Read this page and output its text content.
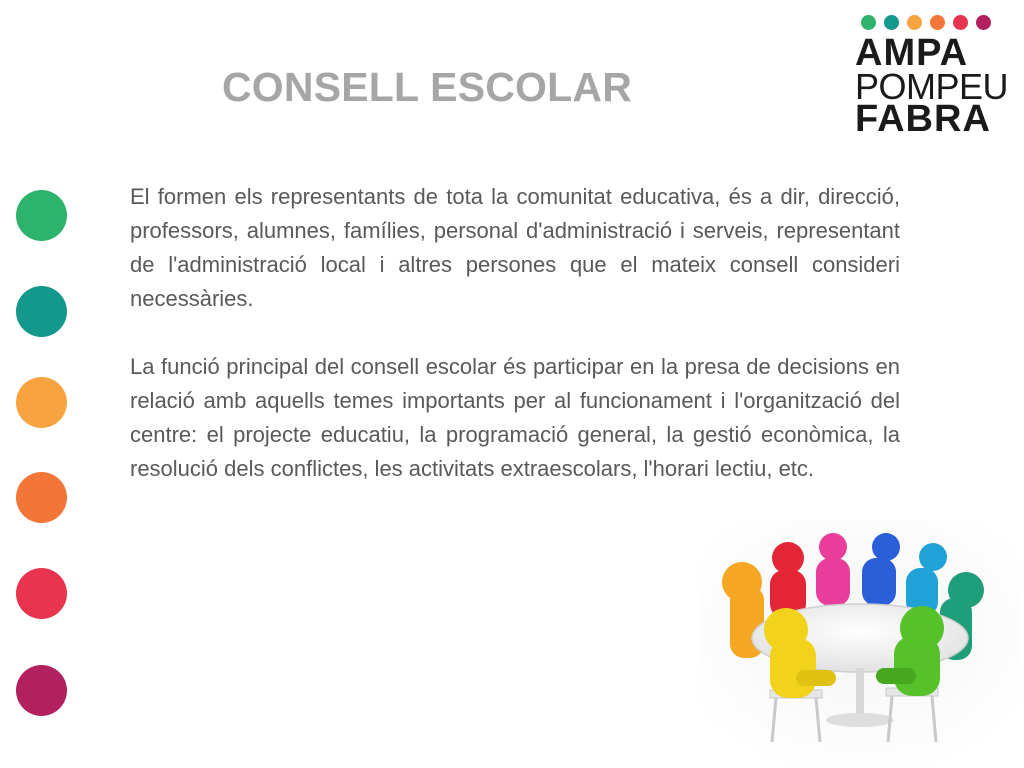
CONSELL ESCOLAR
AMPA
POMPEU
FABRA

El formen els representants de tota la comunitat educativa, és a dir, direcció, professors, alumnes, famílies, personal d'administració i serveis, representant de l'administració local i altres persones que el mateix consell consideri necessàries.

La funció principal del consell escolar és participar en la presa de decisions en relació amb aquells temes importants per al funcionament i l'organització del centre: el projecte educatiu, la programació general, la gestió econòmica, la resolució dels conflictes, les activitats extraescolars, l'horari lectiu, etc.
